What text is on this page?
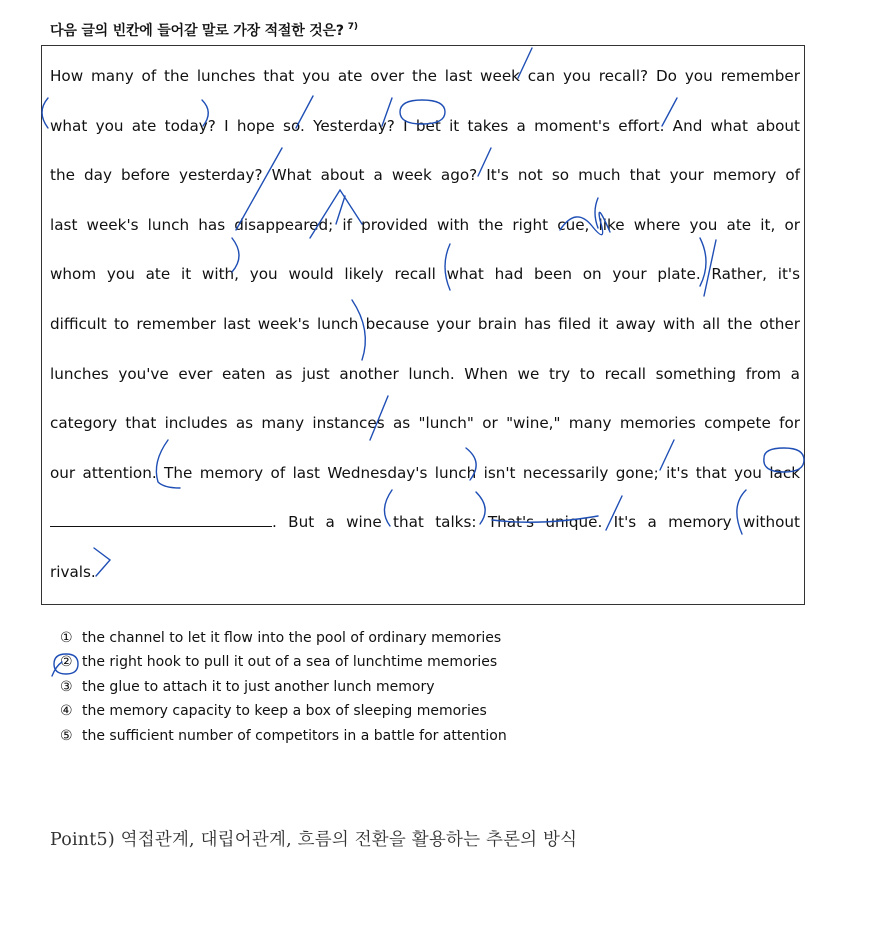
다음 글의 빈칸에 들어갈 말로 가장 적절한 것은? $^{7)}$
How many of the lunches that you ate over the last week can you recall? Do you remember
what you ate today? I hope so. Yesterday? I bet it takes a moment's effort. And what about
the day before yesterday? What about a week ago? It's not so much that your memory of
last week's lunch has disappeared; if provided with the right cue, like where you ate it, or
whom you ate it with, you would likely recall what had been on your plate. Rather, it's
difficult to remember last week's lunch because your brain has filed it away with all the other
lunches you've ever eaten as just another lunch. When we try to recall something from a
category that includes as many instances as "lunch" or "wine," many memories compete for
our attention. The memory of last Wednesday's lunch isn't necessarily gone; it's that you lack
. But a wine that talks: That's unique. It's a memory without
rivals.
① the channel to let it flow into the pool of ordinary memories
② the right hook to pull it out of a sea of lunchtime memories
③ the glue to attach it to just another lunch memory
④ the memory capacity to keep a box of sleeping memories
⑤ the sufficient number of competitors in a battle for attention
Point5) 역접관계, 대립어관계, 흐름의 전환을 활용하는 추론의 방식
